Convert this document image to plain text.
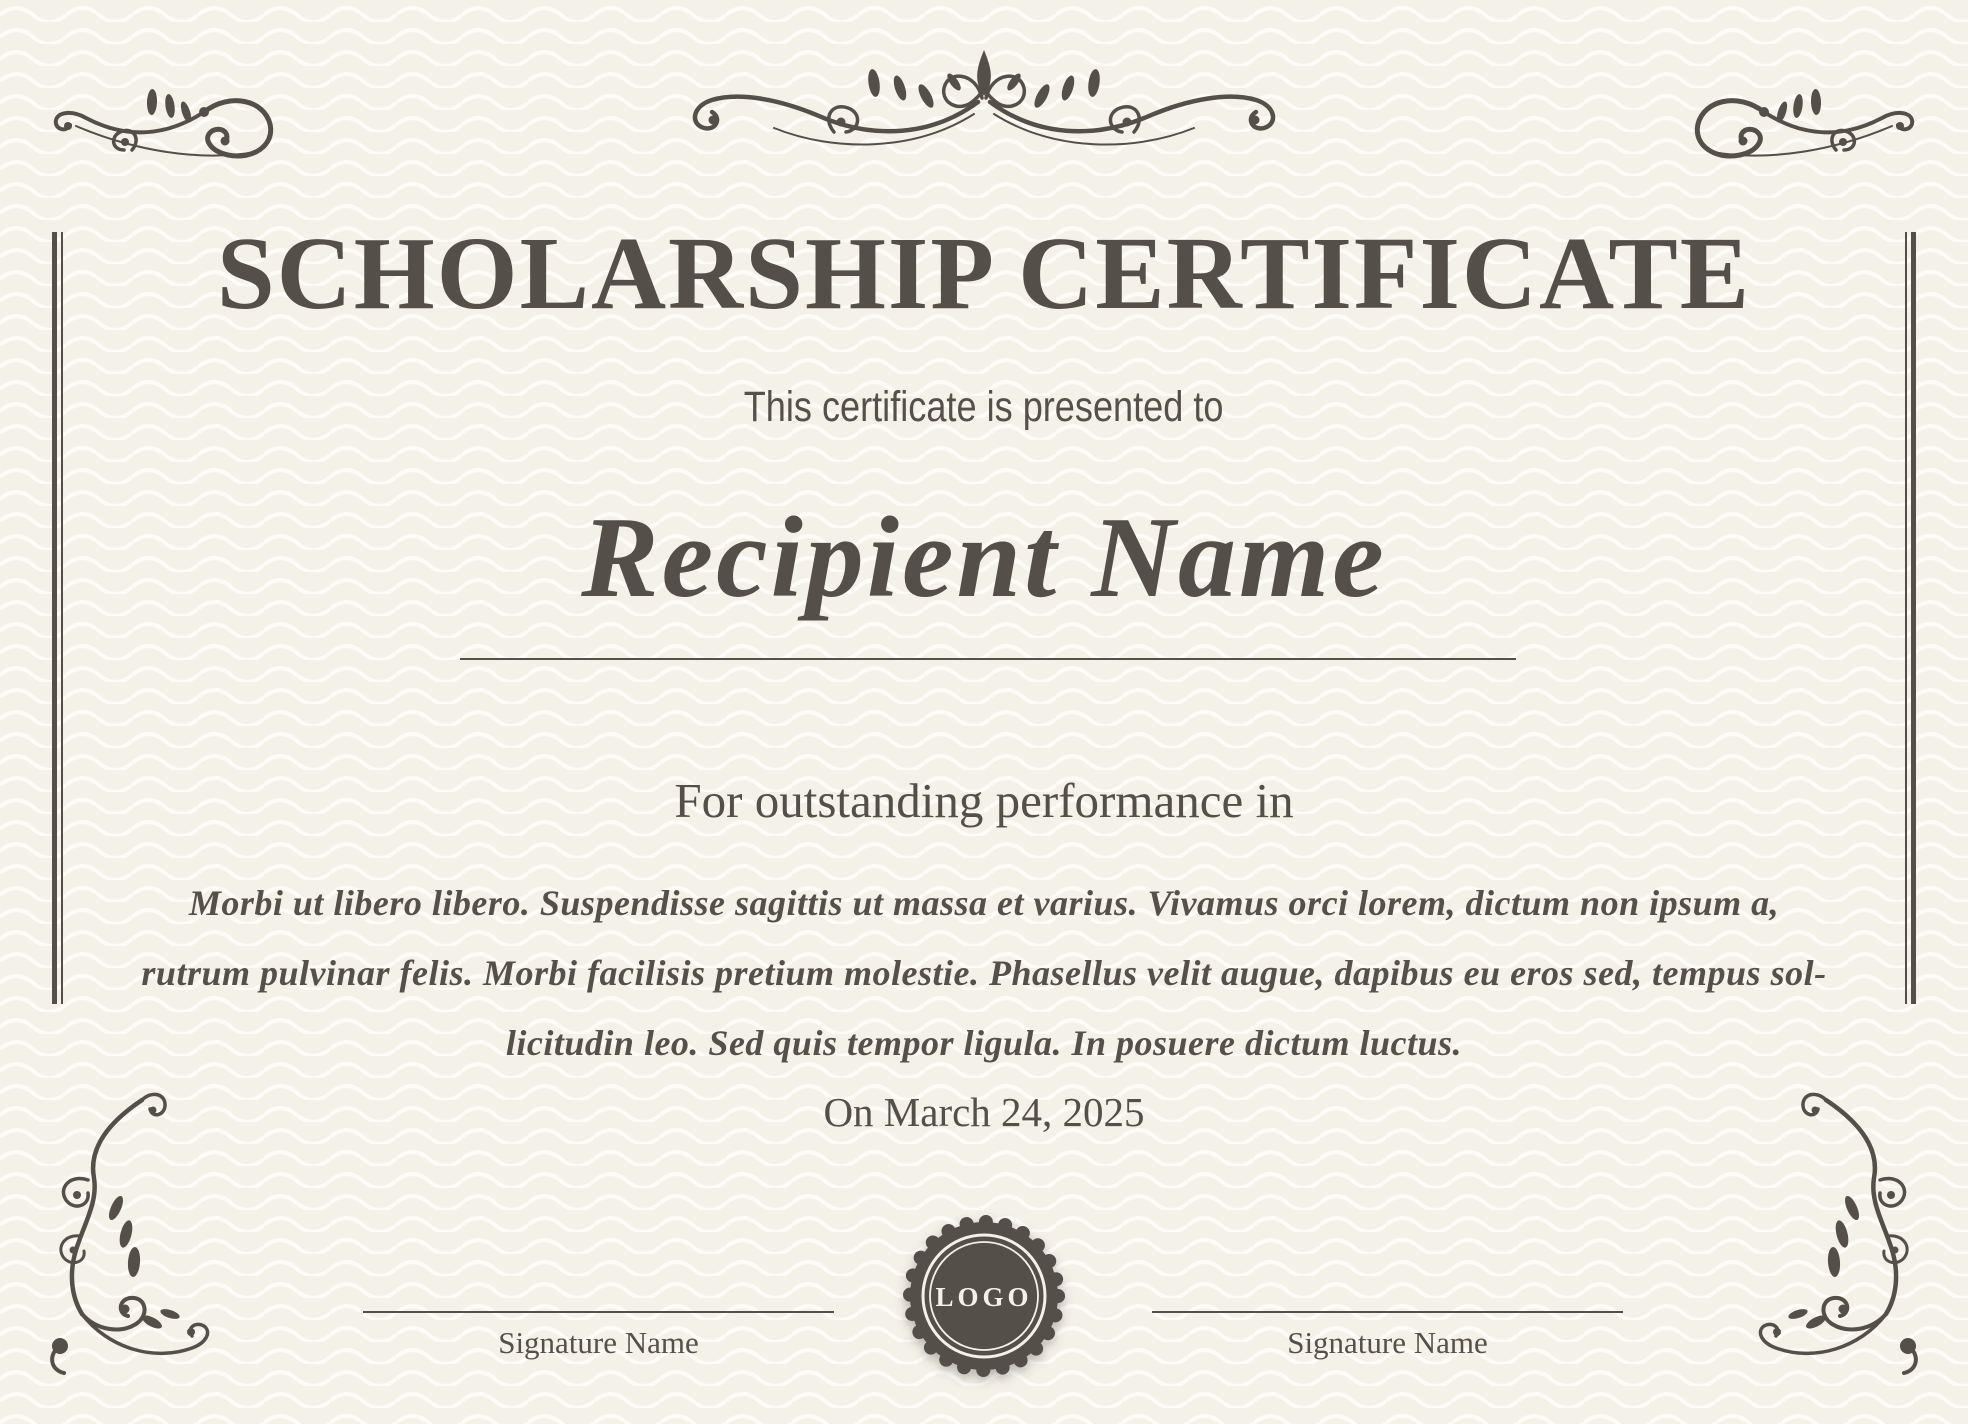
SCHOLARSHIP CERTIFICATE
This certificate is presented to
Recipient Name
For outstanding performance in
Morbi ut libero libero. Suspendisse sagittis ut massa et varius. Vivamus orci lorem, dictum non ipsum a,
rutrum pulvinar felis. Morbi facilisis pretium molestie. Phasellus velit augue, dapibus eu eros sed, tempus sol-
licitudin leo. Sed quis tempor ligula. In posuere dictum luctus.
On March 24, 2025
LOGO
Signature Name	Signature Name
